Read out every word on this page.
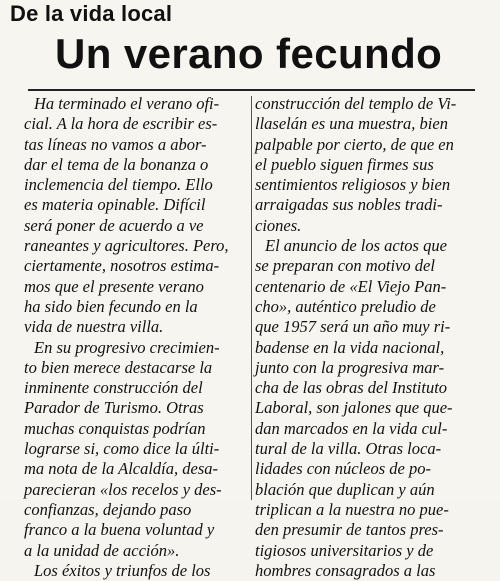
De la vida local
Un verano fecundo
Ha terminado el verano ofi-
cial. A la hora de escribir es-
tas líneas no vamos a abor-
dar el tema de la bonanza o
inclemencia del tiempo. Ello
es materia opinable. Difícil
será poner de acuerdo a ve
raneantes y agricultores. Pero,
ciertamente, nosotros estima-
mos que el presente verano
ha sido bien fecundo en la
vida de nuestra villa.
En su progresivo crecimien-
to bien merece destacarse la
inminente construcción del
Parador de Turismo. Otras
muchas conquistas podrían
lograrse si, como dice la últi-
ma nota de la Alcaldía, desa-
parecieran «los recelos y des-
confianzas, dejando paso
franco a la buena voluntad y
a la unidad de acción».
Los éxitos y triunfos de los
construcción del templo de Vi-
llaselán es una muestra, bien
palpable por cierto, de que en
el pueblo siguen firmes sus
sentimientos religiosos y bien
arraigadas sus nobles tradi-
ciones.
El anuncio de los actos que
se preparan con motivo del
centenario de «El Viejo Pan-
cho», auténtico preludio de
que 1957 será un año muy ri-
badense en la vida nacional,
junto con la progresiva mar-
cha de las obras del Instituto
Laboral, son jalones que que-
dan marcados en la vida cul-
tural de la villa. Otras loca-
lidades con núcleos de po-
blación que duplican y aún
triplican a la nuestra no pue-
den presumir de tantos pres-
tigiosos universitarios y de
hombres consagrados a las
